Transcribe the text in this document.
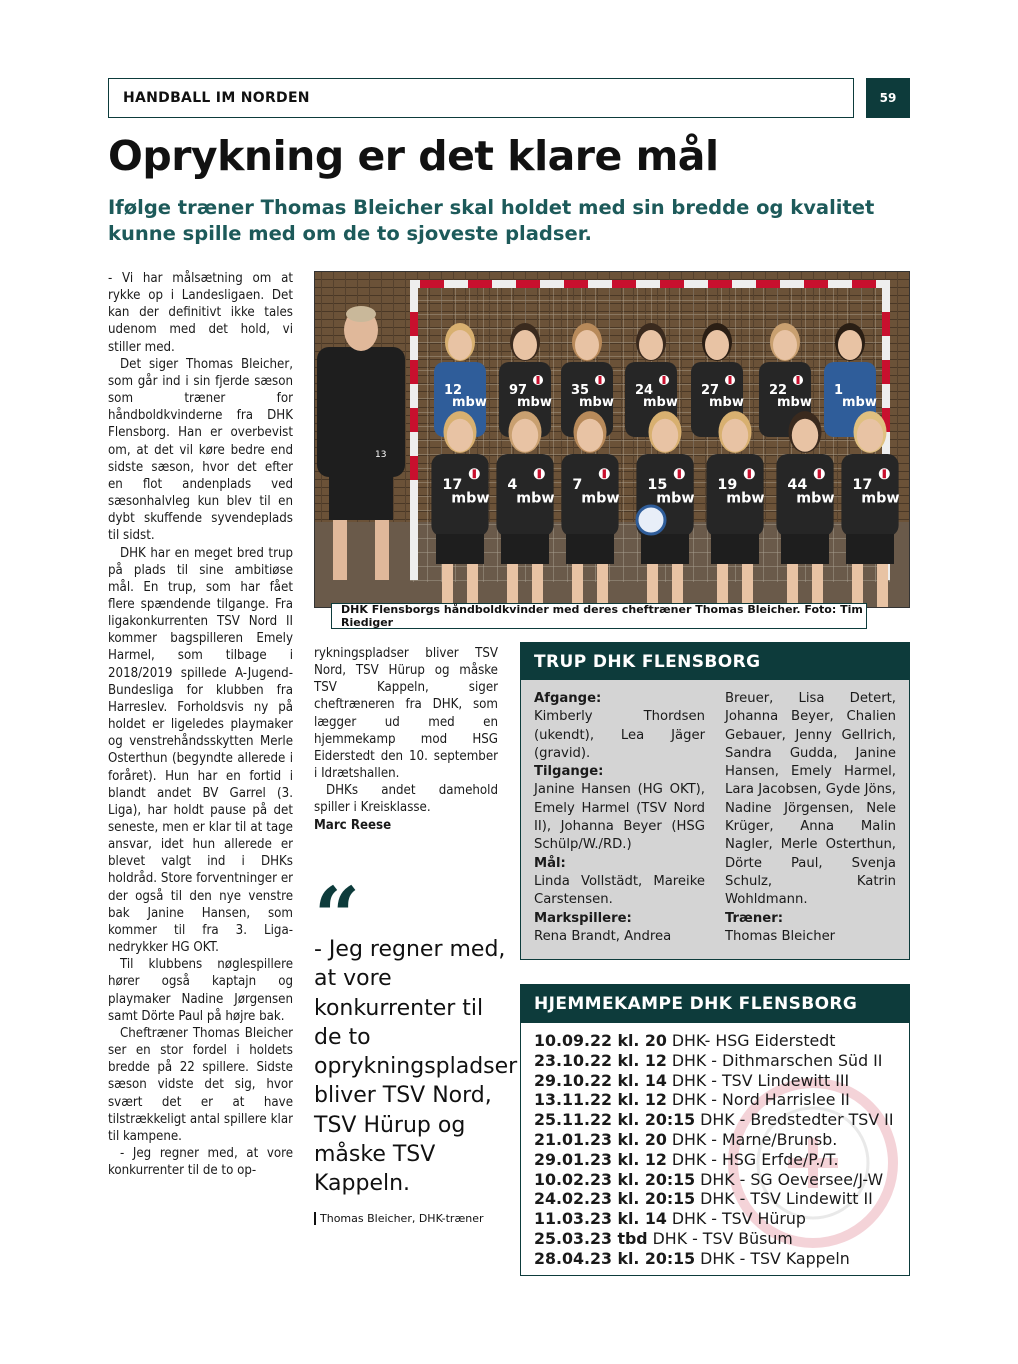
HANDBALL IM NORDEN	59
Oprykning er det klare mål
Ifølge træner Thomas Bleicher skal holdet med sin bredde og kvalitet kunne spille med om de to sjoveste pladser.

- Vi har målsætning om at rykke op i Landesligaen. Det kan der definitivt ikke tales udenom med det hold, vi stiller med.

Det siger Thomas Bleicher, som går ind i sin fjerde sæson som træner for håndboldkvinderne fra DHK Flensborg. Han er overbevist om, at det vil køre bedre end sidste sæson, hvor det efter en flot andenplads ved sæsonhalvleg kun blev til en dybt skuffende syvendeplads til sidst.

DHK har en meget bred trup på plads til sine ambitiøse mål. En trup, som har fået flere spændende tilgange. Fra ligakonkurrenten TSV Nord II kommer bagspilleren Emely Harmel, som tilbage i 2018/2019 spillede A-Jugend-Bundesliga for klubben fra Harreslev. Forholdsvis ny på holdet er ligeledes playmaker og venstrehåndsskytten Merle Osterthun (begyndte allerede i foråret). Hun har en fortid i blandt andet BV Garrel (3. Liga), har holdt pause på det seneste, men er klar til at tage ansvar, idet hun allerede er blevet valgt ind i DHKs holdråd. Store forventninger er der også til den nye venstre bak Janine Hansen, som kommer til fra 3. Liga-nedrykker HG OKT.

Til klubbens nøglespillere hører også kaptajn og playmaker Nadine Jørgensen samt Dörte Paul på højre bak.

Cheftræner Thomas Bleicher ser en stor fordel i holdets bredde på 22 spillere. Sidste sæson vidste det sig, hvor svært det er at have tilstrækkeligt antal spillere klar til kampene.

- Jeg regner med, at vore konkurrenter til de to op-

13
12
mbw
97
mbw
35
mbw
24
mbw
27
mbw
22
mbw
1
mbw
17
mbw
4
mbw
7
mbw
15
mbw
19
mbw
44
mbw
17
mbw
DHK Flensborgs håndboldkvinder med deres cheftræner Thomas Bleicher. Foto: Tim Riediger

rykningspladser bliver TSV Nord, TSV Hürup og måske TSV Kappeln, siger cheftræneren fra DHK, som lægger ud med en hjemmekamp mod HSG Eiderstedt den 10. september i Idrætshallen.

DHKs andet damehold spiller i Kreisklasse.

Marc Reese

“
- Jeg regner med, at vore konkurrenter til de to oprykningspladser bliver TSV Nord, TSV Hürup og måske TSV Kappeln.
Thomas Bleicher, DHK-træner
TRUP DHK FLENSBORG
Afgange:
Kimberly Thordsen (ukendt), Lea Jäger (gravid).
Tilgange:
Janine Hansen (HG OKT), Emely Harmel (TSV Nord II), Johanna Beyer (HSG Schülp/W./RD.)
Mål:
Linda Vollstädt, Mareike Carstensen.
Markspillere:
Rena Brandt, Andrea
Breuer, Lisa Detert, Johanna Beyer, Chalien Gebauer, Jenny Gellrich, Sandra Gudda, Janine Hansen, Emely Harmel, Lara Jacobsen, Gyde Jöns, Nadine Jörgensen, Nele Krüger, Anna Malin Nagler, Merle Osterthun, Dörte Paul, Svenja Schulz, Katrin Wohldmann.
Træner:
Thomas Bleicher
HJEMMEKAMPE DHK FLENSBORG
10.09.22 kl. 20 DHK- HSG Eiderstedt
23.10.22 kl. 12 DHK - Dithmarschen Süd II
29.10.22 kl. 14 DHK - TSV Lindewitt III
13.11.22 kl. 12 DHK - Nord Harrislee II
25.11.22 kl. 20:15 DHK - Bredstedter TSV II
21.01.23 kl. 20 DHK - Marne/Brunsb.
29.01.23 kl. 12 DHK - HSG Erfde/P./T.
10.02.23 kl. 20:15 DHK - SG Oeversee/J-W
24.02.23 kl. 20:15 DHK - TSV Lindewitt II
11.03.23 kl. 14 DHK - TSV Hürup
25.03.23 tbd DHK - TSV Büsum
28.04.23 kl. 20:15 DHK - TSV Kappeln
